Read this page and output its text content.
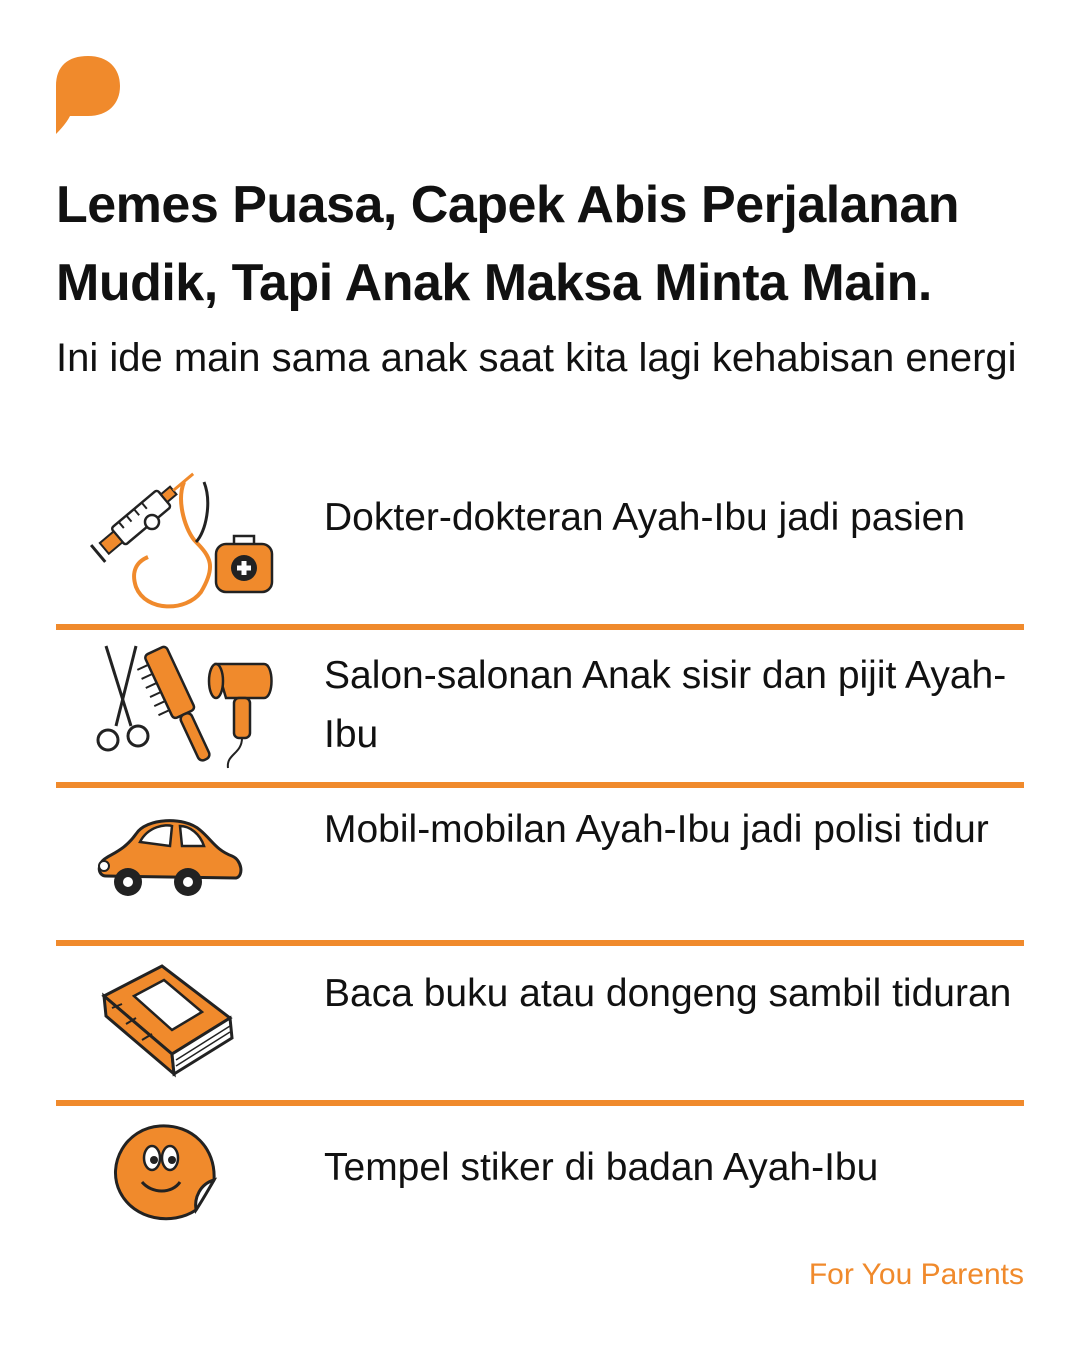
Lemes Puasa, Capek Abis Perjalanan Mudik, Tapi Anak Maksa Minta Main.

Ini ide main sama anak saat kita lagi kehabisan energi

Dokter-dokteran Ayah-Ibu jadi pasien
Salon-salonan Anak sisir dan pijit Ayah-Ibu
Mobil-mobilan Ayah-Ibu jadi polisi tidur
Baca buku atau dongeng sambil tiduran
Tempel stiker di badan Ayah-Ibu
For You Parents
